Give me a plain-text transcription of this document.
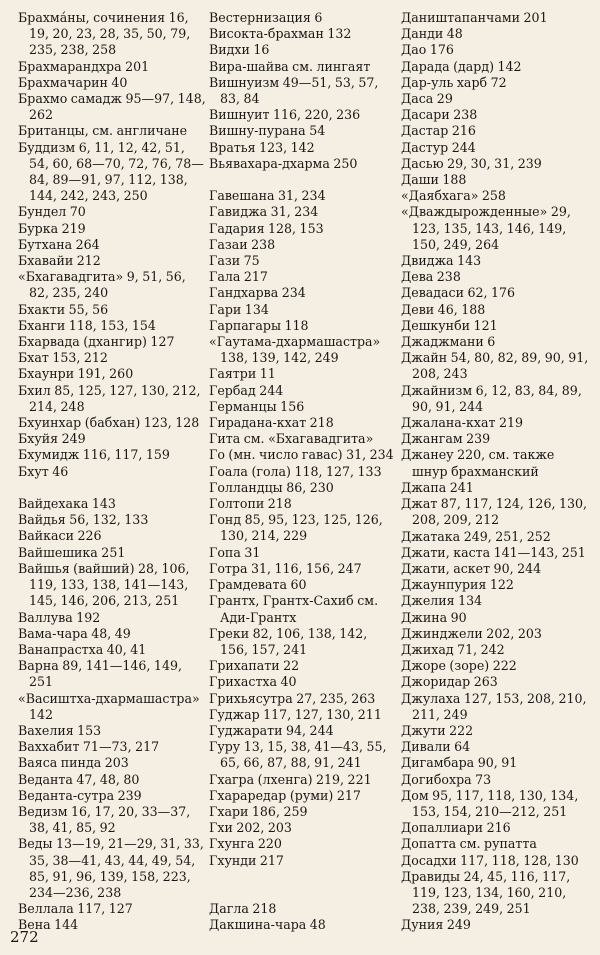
Брахма́ны, сочинения 16, 19, 20, 23, 28, 35, 50, 79, 235, 238, 258
Брахмарандхра 201
Брахмачарин 40
Брахмо самадж 95—97, 148, 262
Британцы, см. англичане
Буддизм 6, 11, 12, 42, 51, 54, 60, 68—70, 72, 76, 78—84, 89—91, 97, 112, 138, 144, 242, 243, 250
Бундел 70
Бурка 219
Бутхана 264
Бхавайи 212
«Бхагавадгита» 9, 51, 56, 82, 235, 240
Бхакти 55, 56
Бханги 118, 153, 154
Бхарвада (дхангир) 127
Бхат 153, 212
Бхаунри 191, 260
Бхил 85, 125, 127, 130, 212, 214, 248
Бхуинхар (бабхан) 123, 128
Бхуйя 249
Бхумидж 116, 117, 159
Бхут 46
Вайдехака 143
Вайдья 56, 132, 133
Вайкаси 226
Вайшешика 251
Вайшья (вайший) 28, 106, 119, 133, 138, 141—143, 145, 146, 206, 213, 251
Валлува 192
Вама-чара 48, 49
Ванапрастха 40, 41
Варна 89, 141—146, 149, 251
«Васиштха-дхармашастра» 142
Вахелия 153
Ваххабит 71—73, 217
Ваяса пинда 203
Веданта 47, 48, 80
Веданта-сутра 239
Ведизм 16, 17, 20, 33—37, 38, 41, 85, 92
Веды 13—19, 21—29, 31, 33, 35, 38—41, 43, 44, 49, 54, 85, 91, 96, 139, 158, 223, 234—236, 238
Веллала 117, 127
Вена 144
Вестернизация 6
Високта-брахман 132
Видхи 16
Вира-шайва см. лингаят
Вишнуизм 49—51, 53, 57, 83, 84
Вишнуит 116, 220, 236
Вишну-пурана 54
Вратья 123, 142
Вьявахара-дхарма 250
Гавешана 31, 234
Гавиджа 31, 234
Гадария 128, 153
Газаи 238
Гази 75
Гала 217
Гандхарва 234
Гари 134
Гарпагары 118
«Гаутама-дхармашастра» 138, 139, 142, 249
Гаятри 11
Гербад 244
Германцы 156
Гирадана-кхат 218
Гита см. «Бхагавадгита»
Го (мн. число гавас) 31, 234
Гоала (гола) 118, 127, 133
Голландцы 86, 230
Голтопи 218
Гонд 85, 95, 123, 125, 126, 130, 214, 229
Гопа 31
Готра 31, 116, 156, 247
Грамдевата 60
Грантх, Грантх-Сахиб см. Ади-Грантх
Греки 82, 106, 138, 142, 156, 157, 241
Грихапати 22
Грихастха 40
Грихьясутра 27, 235, 263
Гуджар 117, 127, 130, 211
Гуджарати 94, 244
Гуру 13, 15, 38, 41—43, 55, 65, 66, 87, 88, 91, 241
Гхагра (лхенга) 219, 221
Гхарaредар (руми) 217
Гхари 186, 259
Гхи 202, 203
Гхунга 220
Гхунди 217
Дагла 218
Дакшина-чара 48
Даништапанчами 201
Данди 48
Дао 176
Дарада (дард) 142
Дар-уль харб 72
Даса 29
Дасари 238
Дастар 216
Дастур 244
Дасью 29, 30, 31, 239
Даши 188
«Даябхага» 258
«Дваждырожденные» 29, 123, 135, 143, 146, 149, 150, 249, 264
Двиджа 143
Дева 238
Девадаси 62, 176
Деви 46, 188
Дешкунби 121
Джаджмани 6
Джайн 54, 80, 82, 89, 90, 91, 208, 243
Джайнизм 6, 12, 83, 84, 89, 90, 91, 244
Джалана-кхат 219
Джангам 239
Джанеу 220, см. также шнур брахманский
Джапа 241
Джат 87, 117, 124, 126, 130, 208, 209, 212
Джатака 249, 251, 252
Джати, каста 141—143, 251
Джати, аскет 90, 244
Джаунпурия 122
Джелия 134
Джина 90
Джинджели 202, 203
Джихад 71, 242
Джоре (зоре) 222
Джоридар 263
Джулаха 127, 153, 208, 210, 211, 249
Джути 222
Дивали 64
Дигамбара 90, 91
Догибохра 73
Дом 95, 117, 118, 130, 134, 153, 154, 210—212, 251
Допаллиари 216
Допатта см. рупатта
Досадхи 117, 118, 128, 130
Дравиды 24, 45, 116, 117, 119, 123, 134, 160, 210, 238, 239, 249, 251
Дуния 249
272
